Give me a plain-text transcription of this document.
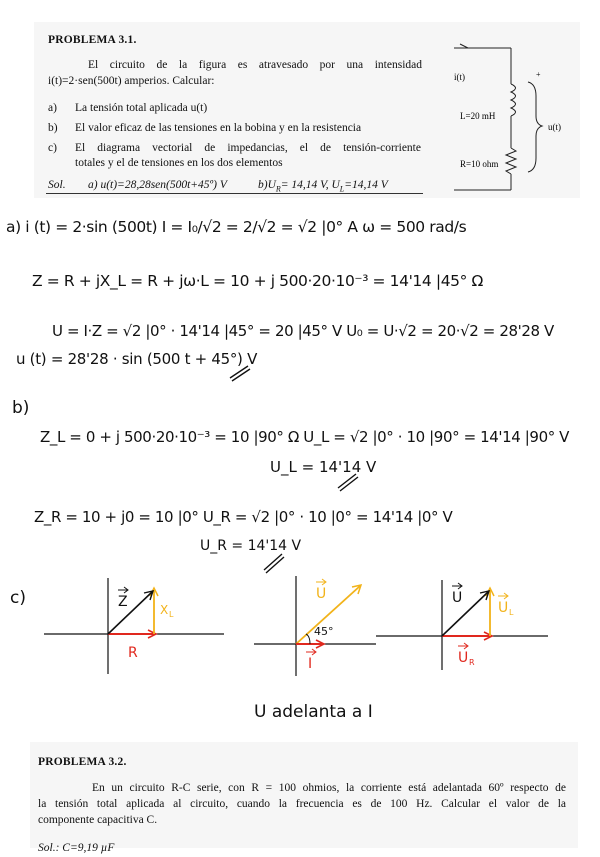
PROBLEMA 3.1.
El circuito de la figura es atravesado por una intensidad
i(t)=2·sen(500t) amperios. Calcular:
a) La tensión total aplicada u(t)
b) El valor eficaz de las tensiones en la bobina y en la resistencia
c) El diagrama vectorial de impedancias, el de tensión-corriente
totales y el de tensiones en los dos elementos
Sol. a) u(t)=28,28sen(500t+45º) V	$b)U_R= 14,14$ V, $U_L=14,14$ V
i(t)	+
L=20 mH
R=10 ohm
u(t)
a) i (t) = 2·sin (500t) I = I₀/√2 = 2/√2 = √2 |0° A ω = 500 rad/s
Z = R + jX_L = R + jω·L = 10 + j 500·20·10⁻³ = 14'14 |45° Ω
U = I·Z = √2 |0° · 14'14 |45° = 20 |45° V U₀ = U·√2 = 20·√2 = 28'28 V
u (t) = 28'28 · sin (500 t + 45°) V
b)
Z_L = 0 + j 500·20·10⁻³ = 10 |90° Ω U_L = √2 |0° · 10 |90° = 14'14 |90° V
U_L = 14'14 V
Z_R = 10 + j0 = 10 |0° U_R = √2 |0° · 10 |0° = 14'14 |0° V
U_R = 14'14 V
c)	Z	X L
R
U
45°
I
U
U L
U R
U adelanta a I
PROBLEMA 3.2.
En un circuito R-C serie, con R = 100 ohmios, la corriente está adelantada 60º respecto de
la tensión total aplicada al circuito, cuando la frecuencia es de 100 Hz. Calcular el valor de la
componente capacitiva C.
Sol.: C=9,19 µF
